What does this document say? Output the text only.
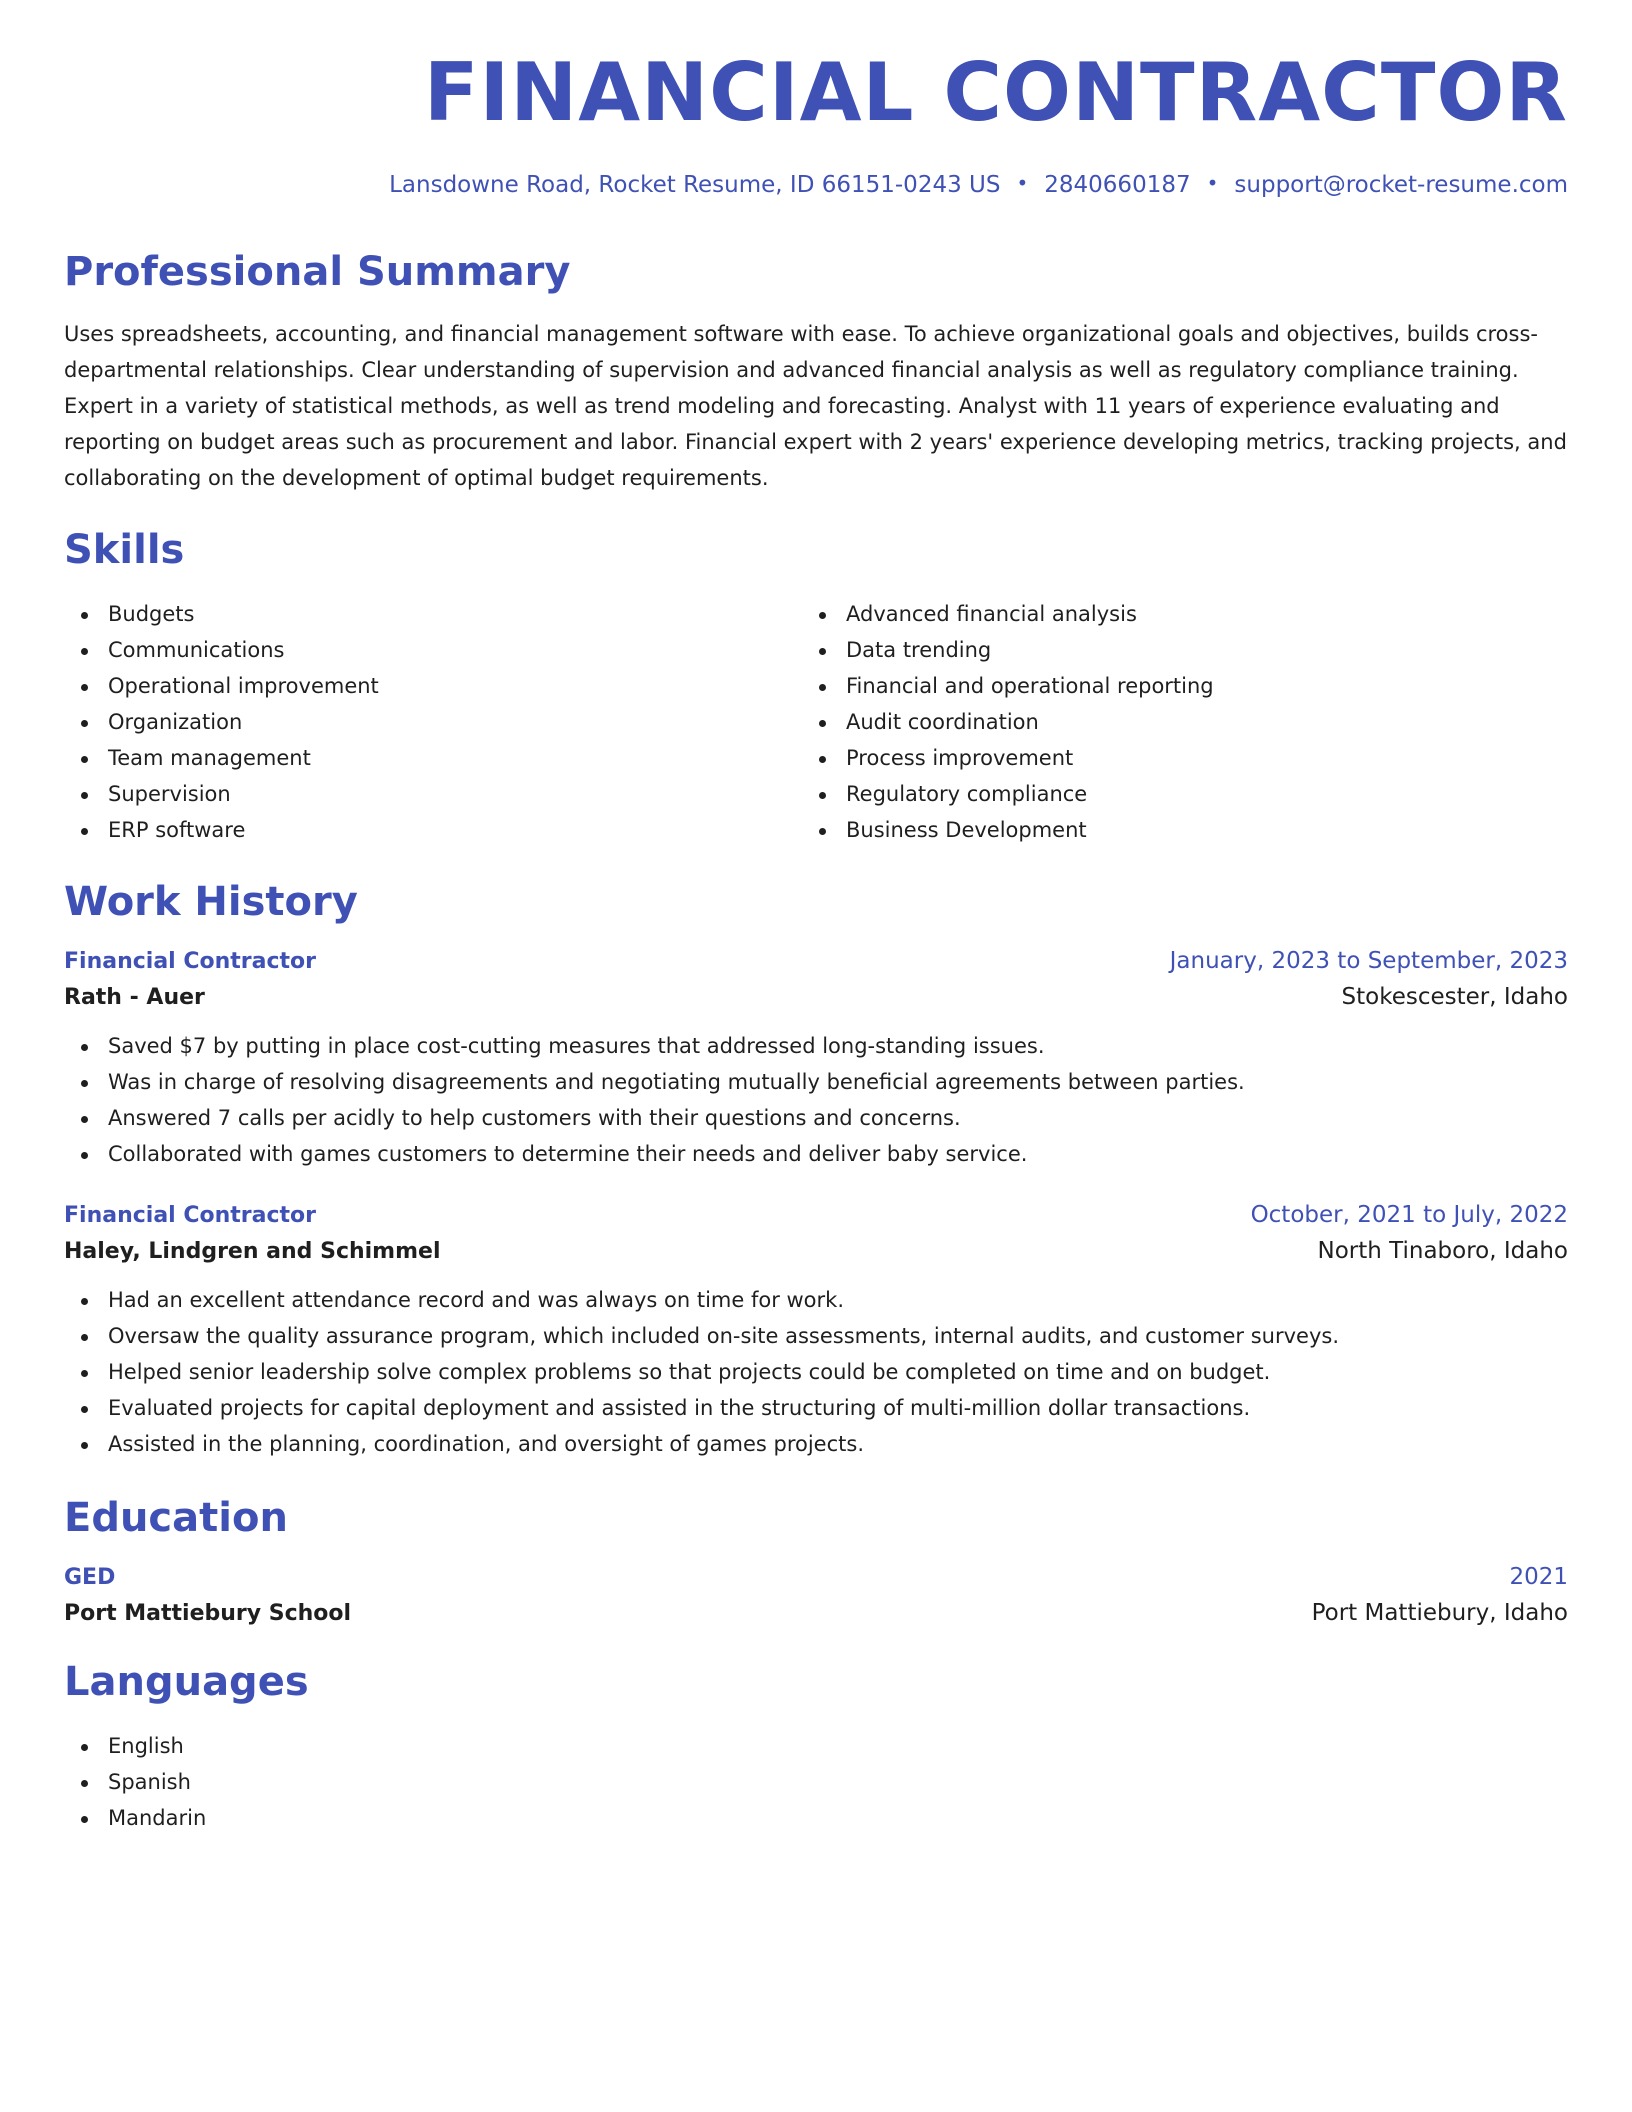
FINANCIAL CONTRACTOR
Lansdowne Road, Rocket Resume, ID 66151-0243 US • 2840660187 • support@rocket-resume.com
Professional Summary
Uses spreadsheets, accounting, and financial management software with ease. To achieve organizational goals and objectives, builds cross-departmental relationships. Clear understanding of supervision and advanced financial analysis as well as regulatory compliance training. Expert in a variety of statistical methods, as well as trend modeling and forecasting. Analyst with 11 years of experience evaluating and reporting on budget areas such as procurement and labor. Financial expert with 2 years' experience developing metrics, tracking projects, and collaborating on the development of optimal budget requirements.
Skills
Budgets
Communications
Operational improvement
Organization
Team management
Supervision
ERP software
Advanced financial analysis
Data trending
Financial and operational reporting
Audit coordination
Process improvement
Regulatory compliance
Business Development
Work History
Financial Contractor	January, 2023 to September, 2023
Rath - Auer	Stokescester, Idaho
Saved $7 by putting in place cost-cutting measures that addressed long-standing issues.
Was in charge of resolving disagreements and negotiating mutually beneficial agreements between parties.
Answered 7 calls per acidly to help customers with their questions and concerns.
Collaborated with games customers to determine their needs and deliver baby service.
Financial Contractor	October, 2021 to July, 2022
Haley, Lindgren and Schimmel	North Tinaboro, Idaho
Had an excellent attendance record and was always on time for work.
Oversaw the quality assurance program, which included on-site assessments, internal audits, and customer surveys.
Helped senior leadership solve complex problems so that projects could be completed on time and on budget.
Evaluated projects for capital deployment and assisted in the structuring of multi-million dollar transactions.
Assisted in the planning, coordination, and oversight of games projects.
Education
GED	2021
Port Mattiebury School	Port Mattiebury, Idaho
Languages
English
Spanish
Mandarin
